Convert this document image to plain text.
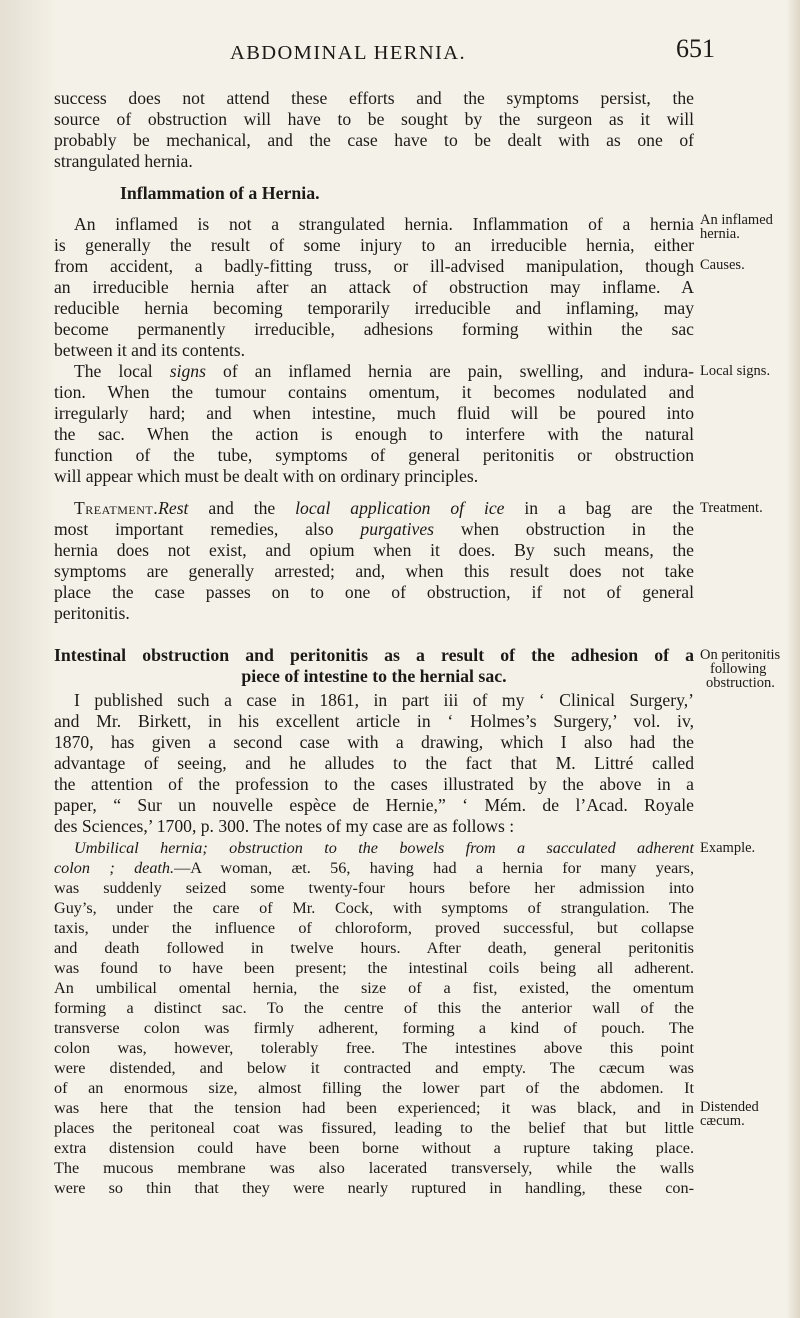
ABDOMINAL HERNIA.	651
success does not attend these efforts and the symptoms persist, the
source of obstruction will have to be sought by the surgeon as it will
probably be mechanical, and the case have to be dealt with as one of
strangulated hernia.
Inflammation of a Hernia.
An inflamed is not a strangulated hernia. Inflammation of a hernia
is generally the result of some injury to an irreducible hernia, either
from accident, a badly-fitting truss, or ill-advised manipulation, though
an irreducible hernia after an attack of obstruction may inflame. A
reducible hernia becoming temporarily irreducible and inflaming, may
become permanently irreducible, adhesions forming within the sac
between it and its contents.
The local signs of an inflamed hernia are pain, swelling, and indura-
tion. When the tumour contains omentum, it becomes nodulated and
irregularly hard; and when intestine, much fluid will be poured into
the sac. When the action is enough to interfere with the natural
function of the tube, symptoms of general peritonitis or obstruction
will appear which must be dealt with on ordinary principles.
Treatment.Rest and the local application of ice in a bag are the
most important remedies, also purgatives when obstruction in the
hernia does not exist, and opium when it does. By such means, the
symptoms are generally arrested; and, when this result does not take
place the case passes on to one of obstruction, if not of general
peritonitis.
Intestinal obstruction and peritonitis as a result of the adhesion of a
piece of intestine to the hernial sac.
I published such a case in 1861, in part iii of my ‘ Clinical Surgery,’
and Mr. Birkett, in his excellent article in ‘ Holmes’s Surgery,’ vol. iv,
1870, has given a second case with a drawing, which I also had the
advantage of seeing, and he alludes to the fact that M. Littré called
the attention of the profession to the cases illustrated by the above in a
paper, “ Sur un nouvelle espèce de Hernie,” ‘ Mém. de l’Acad. Royale
des Sciences,’ 1700, p. 300. The notes of my case are as follows :
Umbilical hernia; obstruction to the bowels from a sacculated adherent
colon ; death.—A woman, æt. 56, having had a hernia for many years,
was suddenly seized some twenty-four hours before her admission into
Guy’s, under the care of Mr. Cock, with symptoms of strangulation. The
taxis, under the influence of chloroform, proved successful, but collapse
and death followed in twelve hours. After death, general peritonitis
was found to have been present; the intestinal coils being all adherent.
An umbilical omental hernia, the size of a fist, existed, the omentum
forming a distinct sac. To the centre of this the anterior wall of the
transverse colon was firmly adherent, forming a kind of pouch. The
colon was, however, tolerably free. The intestines above this point
were distended, and below it contracted and empty. The cæcum was
of an enormous size, almost filling the lower part of the abdomen. It
was here that the tension had been experienced; it was black, and in
places the peritoneal coat was fissured, leading to the belief that but little
extra distension could have been borne without a rupture taking place.
The mucous membrane was also lacerated transversely, while the walls
were so thin that they were nearly ruptured in handling, these con-
An inflamed
hernia.
Causes.
Local signs.
Treatment.
On peritonitis
following
obstruction.
Example.
Distended
cæcum.
